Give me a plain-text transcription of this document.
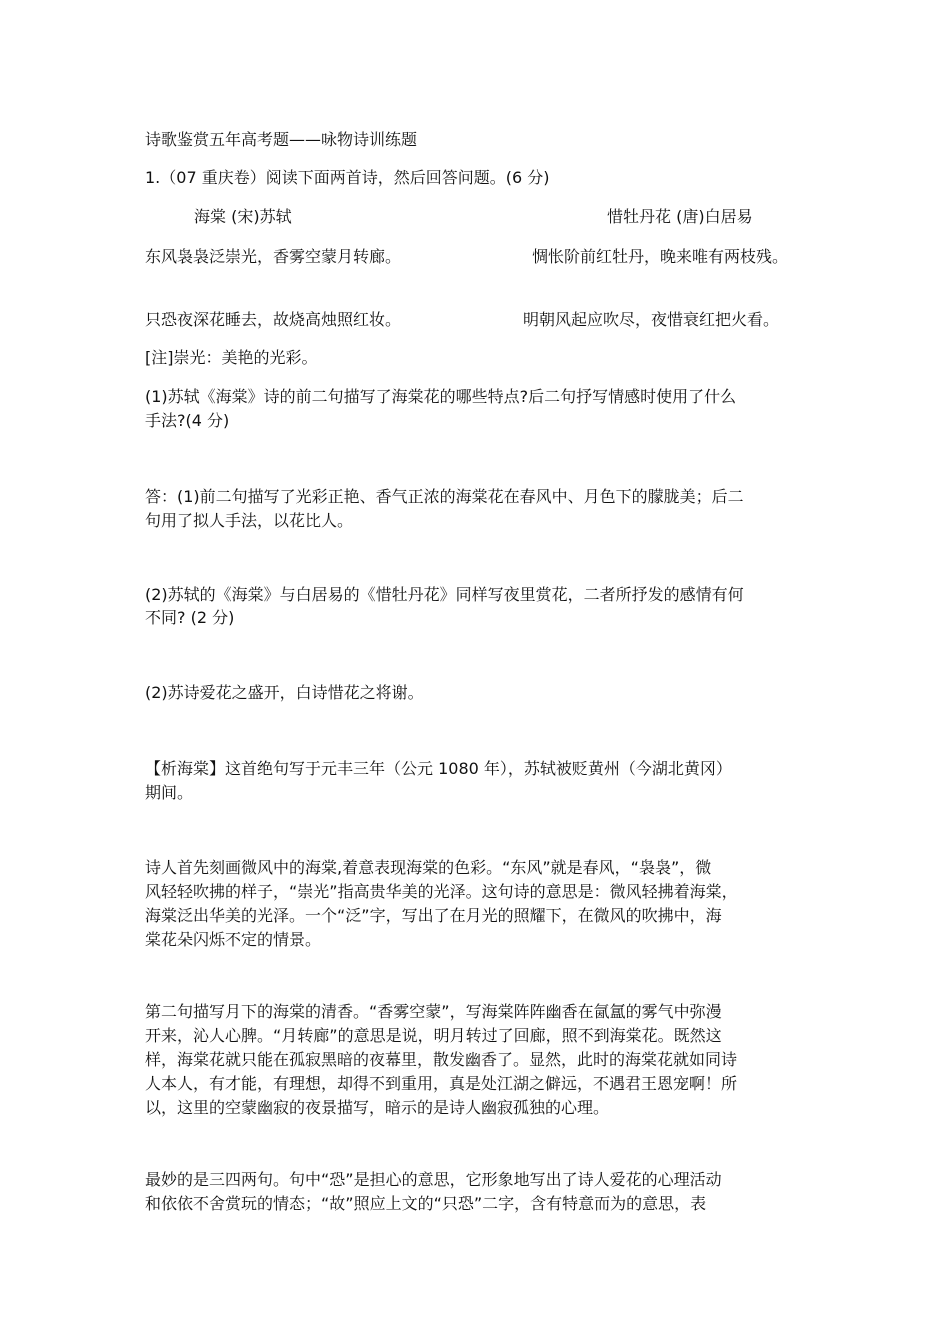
诗歌鉴赏五年高考题——咏物诗训练题
1.（07 重庆卷）阅读下面两首诗，然后回答问题。(6 分)
海棠 (宋)苏轼	惜牡丹花 (唐)白居易
东风袅袅泛崇光，香雾空蒙月转廊。	惆怅阶前红牡丹，晚来唯有两枝残。
只恐夜深花睡去，故烧高烛照红妆。	明朝风起应吹尽，夜惜衰红把火看。
[注]崇光：美艳的光彩。
(1)苏轼《海棠》诗的前二句描写了海棠花的哪些特点?后二句抒写情感时使用了什么
手法?(4 分)
答：(1)前二句描写了光彩正艳、香气正浓的海棠花在春风中、月色下的朦胧美；后二
句用了拟人手法，以花比人。
(2)苏轼的《海棠》与白居易的《惜牡丹花》同样写夜里赏花，二者所抒发的感情有何
不同? (2 分)
(2)苏诗爱花之盛开，白诗惜花之将谢。
【析海棠】这首绝句写于元丰三年（公元 1080 年），苏轼被贬黄州（今湖北黄冈）
期间。
诗人首先刻画微风中的海棠,着意表现海棠的色彩。“东风”就是春风，“袅袅”，微
风轻轻吹拂的样子，“崇光”指高贵华美的光泽。这句诗的意思是：微风轻拂着海棠，
海棠泛出华美的光泽。一个“泛”字，写出了在月光的照耀下，在微风的吹拂中，海
棠花朵闪烁不定的情景。
第二句描写月下的海棠的清香。“香雾空蒙”，写海棠阵阵幽香在氤氲的雾气中弥漫
开来，沁人心脾。“月转廊”的意思是说，明月转过了回廊，照不到海棠花。既然这
样，海棠花就只能在孤寂黑暗的夜幕里，散发幽香了。显然，此时的海棠花就如同诗
人本人，有才能，有理想，却得不到重用，真是处江湖之僻远，不遇君王恩宠啊！所
以，这里的空蒙幽寂的夜景描写，暗示的是诗人幽寂孤独的心理。
最妙的是三四两句。句中“恐”是担心的意思，它形象地写出了诗人爱花的心理活动
和依依不舍赏玩的情态；“故”照应上文的“只恐”二字，含有特意而为的意思，表
